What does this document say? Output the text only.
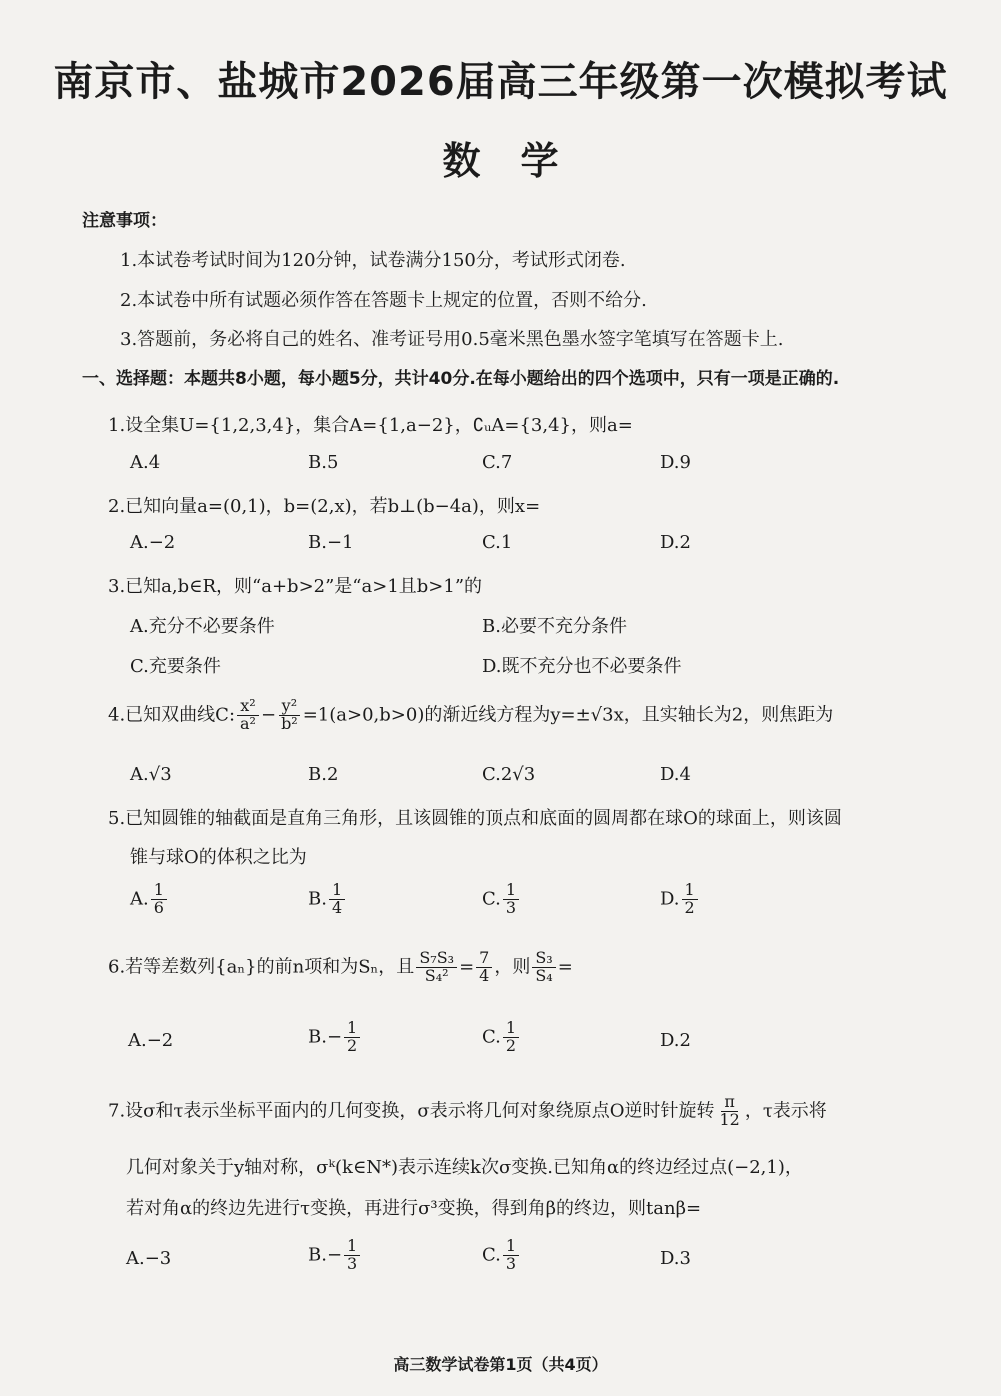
南京市、盐城市2026届高三年级第一次模拟考试
数学
注意事项：
1.本试卷考试时间为120分钟，试卷满分150分，考试形式闭卷.
2.本试卷中所有试题必须作答在答题卡上规定的位置，否则不给分.
3.答题前，务必将自己的姓名、准考证号用0.5毫米黑色墨水签字笔填写在答题卡上.
一、选择题：本题共8小题，每小题5分，共计40分.在每小题给出的四个选项中，只有一项是正确的.
1.设全集U={1,2,3,4}，集合A={1,a−2}，∁ᵤA={3,4}，则a=
A.4	B.5	C.7	D.9
2.已知向量a=(0,1)，b=(2,x)，若b⊥(b−4a)，则x=
A.−2	B.−1	C.1	D.2
3.已知a,b∈R，则“a+b>2”是“a>1且b>1”的
A.充分不必要条件	B.必要不充分条件
C.充要条件	D.既不充分也不必要条件
4.已知双曲线C: $\frac{\text{x²}}{\text{a²}} - \frac{\text{y²}}{\text{b²}} =1(a>0,b>0)$的渐近线方程为y=±√3x，且实轴长为2，则焦距为
A.√3	B.2	C.2√3	D.4
5.已知圆锥的轴截面是直角三角形，且该圆锥的顶点和底面的圆周都在球O的球面上，则该圆
锥与球O的体积之比为
A. $\frac{1}{6}$	B. $\frac{1}{4}$	C. $\frac{1}{3}$	D. $\frac{1}{2}$
6.若等差数列{aₙ}的前n项和为Sₙ，且 $\frac{\text{S₇S₃}}{\text{S₄²}} = \frac{7}{4}$ ，则 $\frac{\text{S₃}}{\text{S₄}}$ =
A.−2	$B.- \frac{1}{2}$	C. $\frac{1}{2}$	D.2
7.设σ和τ表示坐标平面内的几何变换，σ表示将几何对象绕原点O逆时针旋转 $\frac{\pi}{12}$ ，τ表示将
几何对象关于y轴对称，σᵏ(k∈N*)表示连续k次σ变换.已知角α的终边经过点(−2,1)，
若对角α的终边先进行τ变换，再进行σ³变换，得到角β的终边，则tanβ=
A.−3	$B.- \frac{1}{3}$	C. $\frac{1}{3}$	D.3
高三数学试卷第1页（共4页）
